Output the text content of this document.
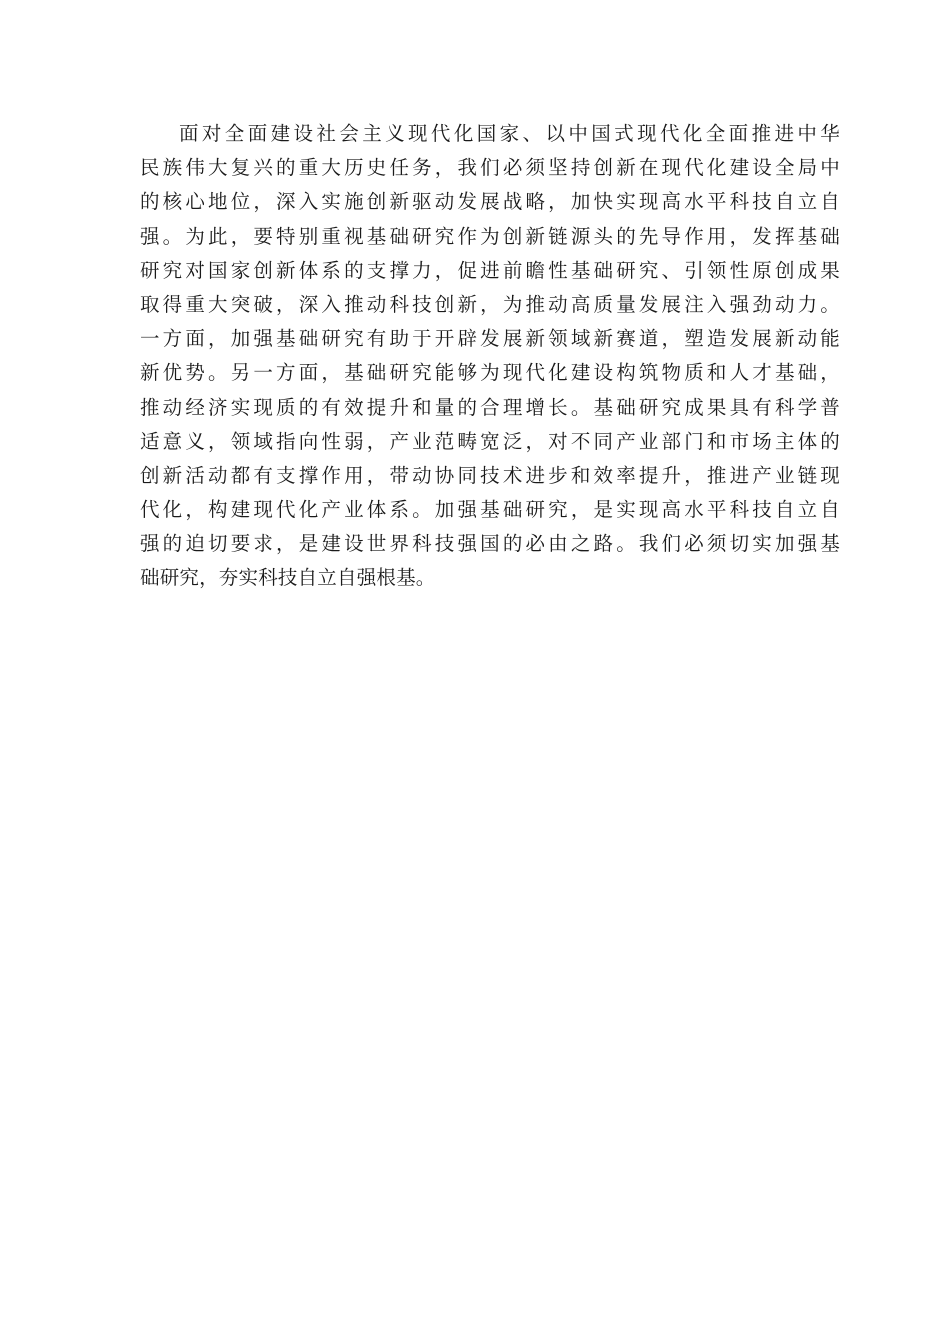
面对全面建设社会主义现代化国家、以中国式现代化全面推进中华
民族伟大复兴的重大历史任务，我们必须坚持创新在现代化建设全局中
的核心地位，深入实施创新驱动发展战略，加快实现高水平科技自立自
强。为此，要特别重视基础研究作为创新链源头的先导作用，发挥基础
研究对国家创新体系的支撑力，促进前瞻性基础研究、引领性原创成果
取得重大突破，深入推动科技创新，为推动高质量发展注入强劲动力。
一方面，加强基础研究有助于开辟发展新领域新赛道，塑造发展新动能
新优势。另一方面，基础研究能够为现代化建设构筑物质和人才基础，
推动经济实现质的有效提升和量的合理增长。基础研究成果具有科学普
适意义，领域指向性弱，产业范畴宽泛，对不同产业部门和市场主体的
创新活动都有支撑作用，带动协同技术进步和效率提升，推进产业链现
代化，构建现代化产业体系。加强基础研究，是实现高水平科技自立自
强的迫切要求，是建设世界科技强国的必由之路。我们必须切实加强基
础研究，夯实科技自立自强根基。
